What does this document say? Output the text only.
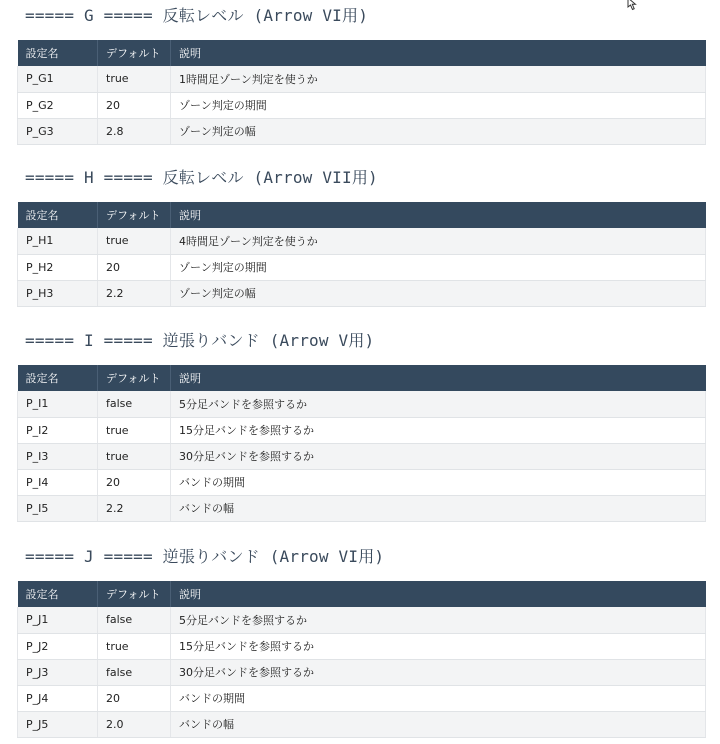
===== G ===== 反転レベル (Arrow VI用)
設定名	デフォルト	説明
P_G1	true	1時間足ゾーン判定を使うか
P_G2	20	ゾーン判定の期間
P_G3	2.8	ゾーン判定の幅
===== H ===== 反転レベル (Arrow VII用)
設定名	デフォルト	説明
P_H1	true	4時間足ゾーン判定を使うか
P_H2	20	ゾーン判定の期間
P_H3	2.2	ゾーン判定の幅
===== I ===== 逆張りバンド (Arrow V用)
設定名	デフォルト	説明
P_I1	false	5分足バンドを参照するか
P_I2	true	15分足バンドを参照するか
P_I3	true	30分足バンドを参照するか
P_I4	20	バンドの期間
P_I5	2.2	バンドの幅
===== J ===== 逆張りバンド (Arrow VI用)
設定名	デフォルト	説明
P_J1	false	5分足バンドを参照するか
P_J2	true	15分足バンドを参照するか
P_J3	false	30分足バンドを参照するか
P_J4	20	バンドの期間
P_J5	2.0	バンドの幅
